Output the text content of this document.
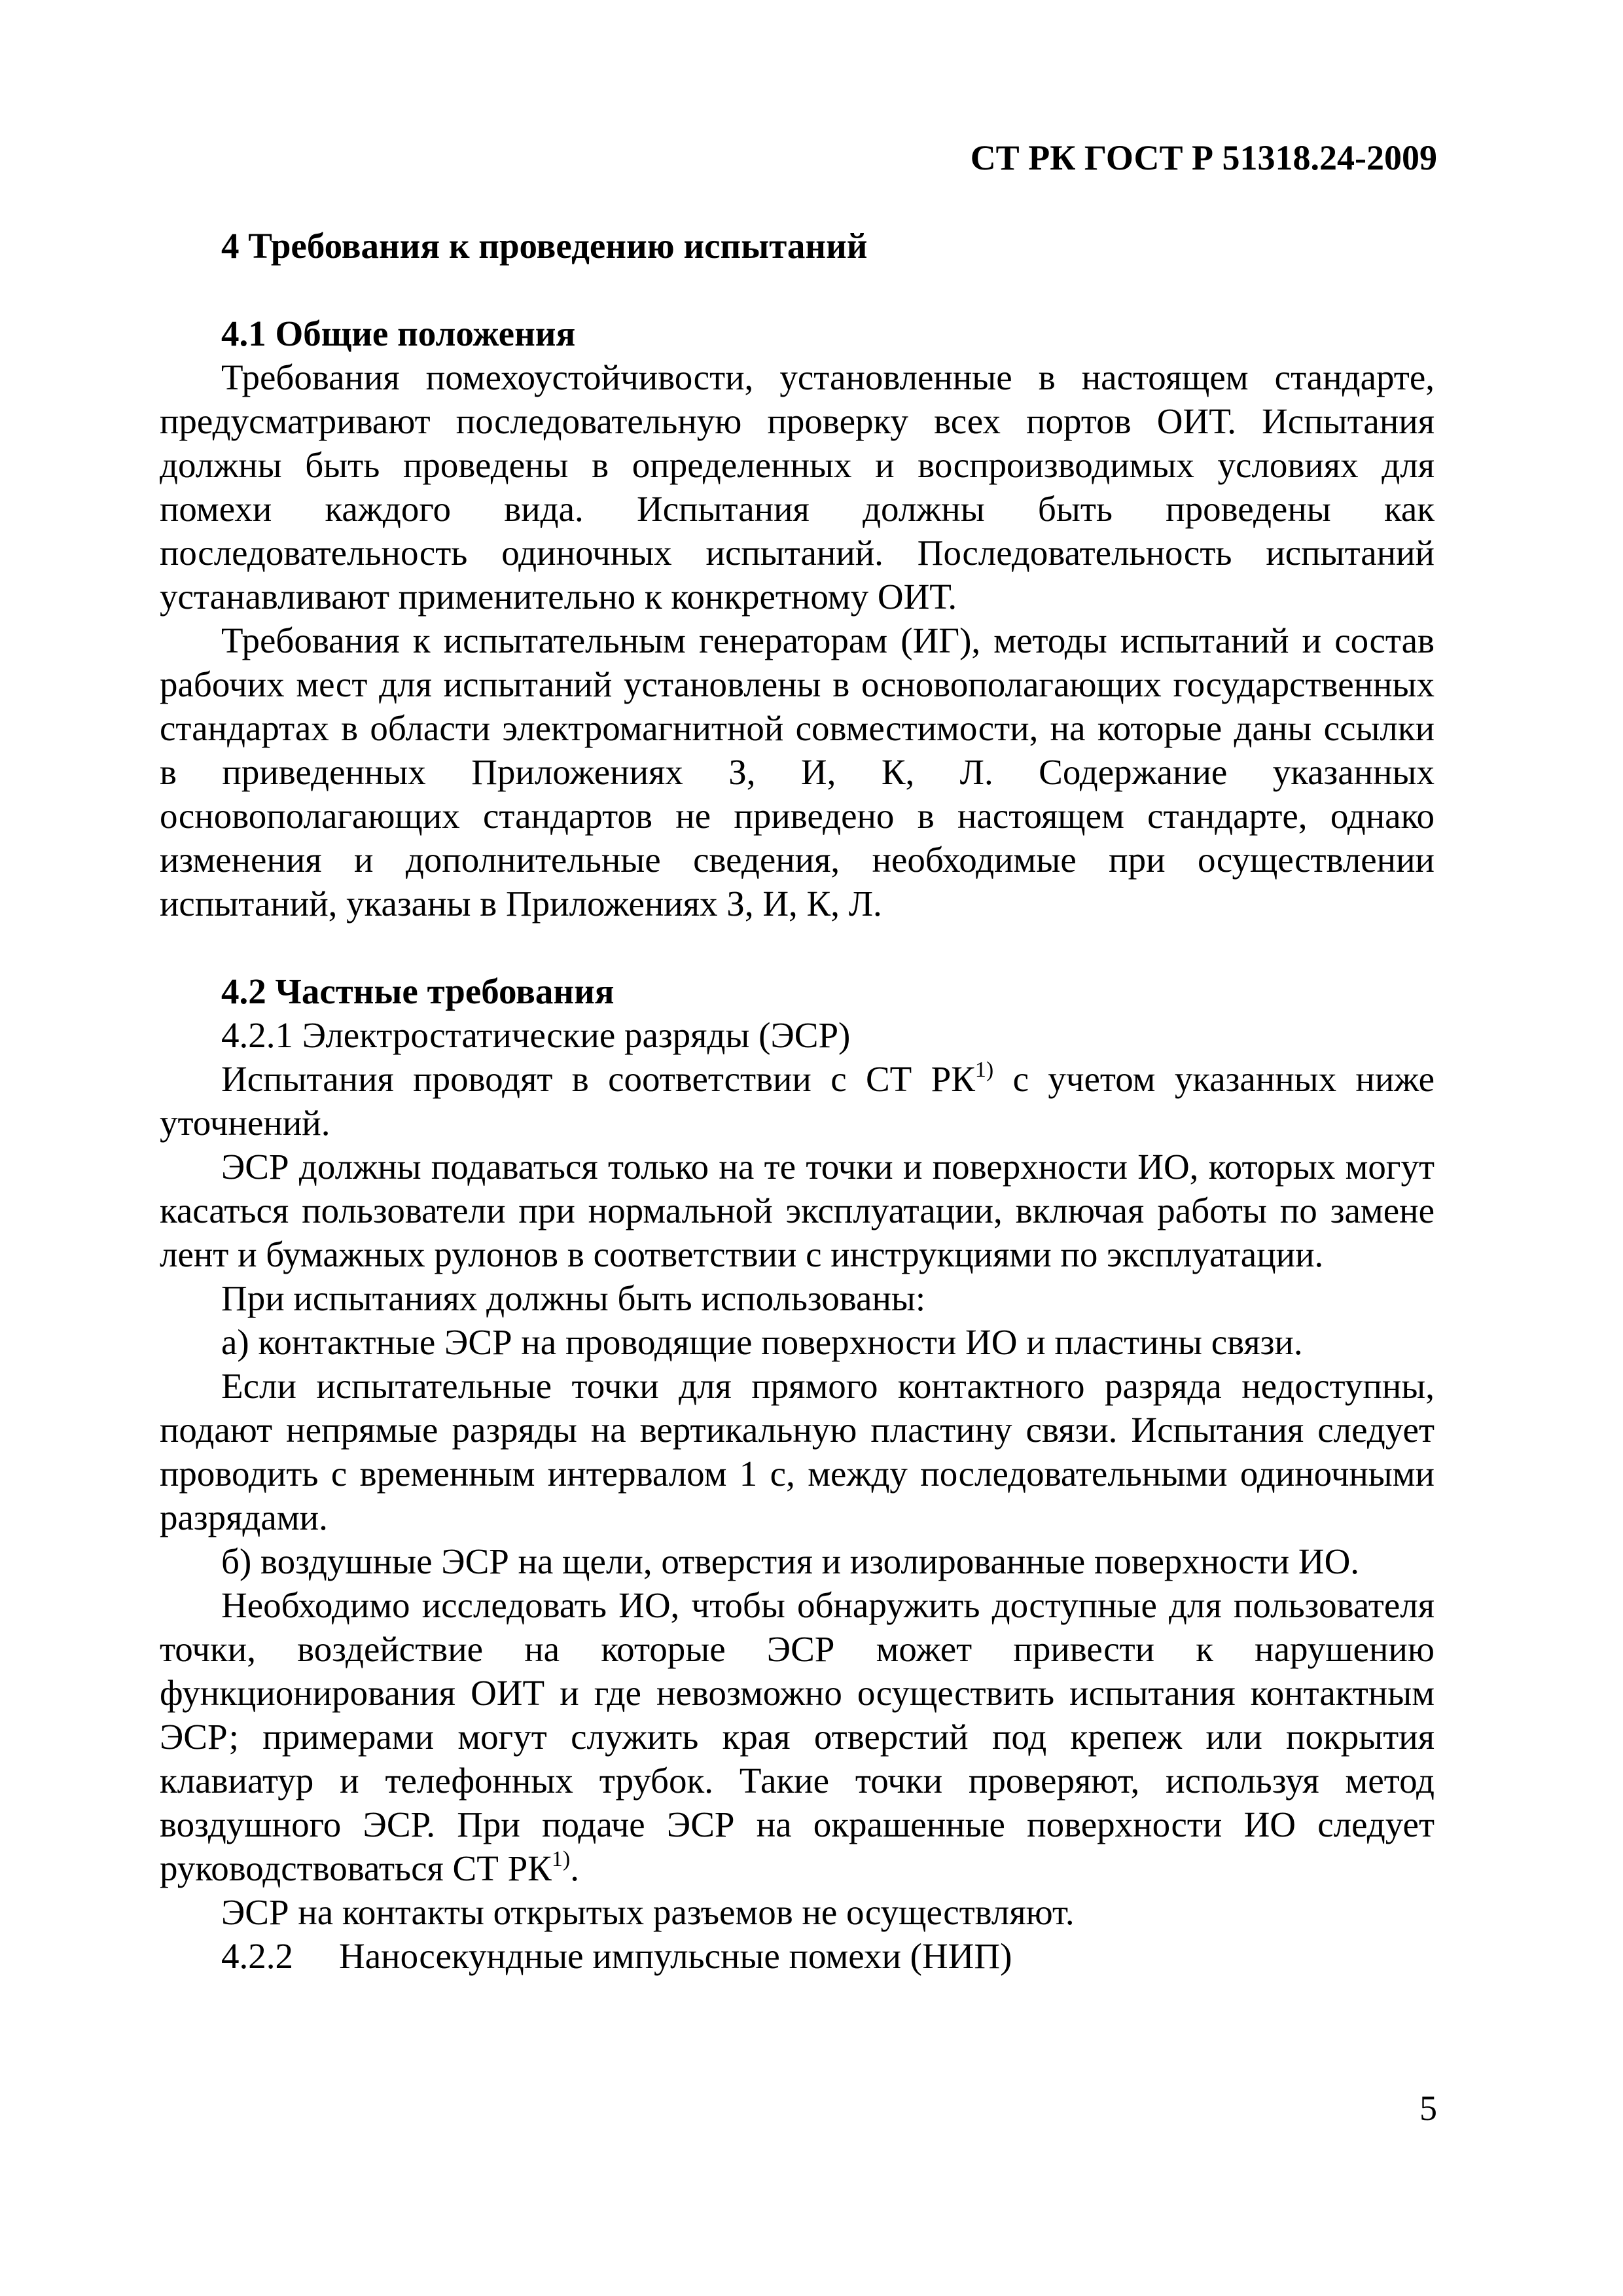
СТ РК ГОСТ Р 51318.24-2009

4 Требования к проведению испытаний

4.1 Общие положения

Требования помехоустойчивости, установленные в настоящем стандарте, предусматривают последовательную проверку всех портов ОИТ. Испытания должны быть проведены в определенных и воспроизводимых условиях для помехи каждого вида. Испытания должны быть проведены как последовательность одиночных испытаний. Последовательность испытаний устанавливают применительно к конкретному ОИТ.

Требования к испытательным генераторам (ИГ), методы испытаний и состав рабочих мест для испытаний установлены в основополагающих государственных стандартах в области электромагнитной совместимости, на которые даны ссылки в приведенных Приложениях З, И, К, Л. Содержание указанных основополагающих стандартов не приведено в настоящем стандарте, однако изменения и дополнительные сведения, необходимые при осуществлении испытаний, указаны в Приложениях З, И, К, Л.

4.2 Частные требования

4.2.1 Электростатические разряды (ЭСР)

Испытания проводят в соответствии с СТ РК$^{1)}$ с учетом указанных ниже уточнений.

ЭСР должны подаваться только на те точки и поверхности ИО, которых могут касаться пользователи при нормальной эксплуатации, включая работы по замене лент и бумажных рулонов в соответствии с инструкциями по эксплуатации.

При испытаниях должны быть использованы:

а) контактные ЭСР на проводящие поверхности ИО и пластины связи.

Если испытательные точки для прямого контактного разряда недоступны, подают непрямые разряды на вертикальную пластину связи. Испытания следует проводить с временным интервалом 1 с, между последовательными одиночными разрядами.

б) воздушные ЭСР на щели, отверстия и изолированные поверхности ИО.

Необходимо исследовать ИО, чтобы обнаружить доступные для пользователя точки, воздействие на которые ЭСР может привести к нарушению функционирования ОИТ и где невозможно осуществить испытания контактным ЭСР; примерами могут служить края отверстий под крепеж или покрытия клавиатур и телефонных трубок. Такие точки проверяют, используя метод воздушного ЭСР. При подаче ЭСР на окрашенные поверхности ИО следует руководствоваться СТ РК$^{1)}$.

ЭСР на контакты открытых разъемов не осуществляют.

4.2.2 Наносекундные импульсные помехи (НИП)

5
